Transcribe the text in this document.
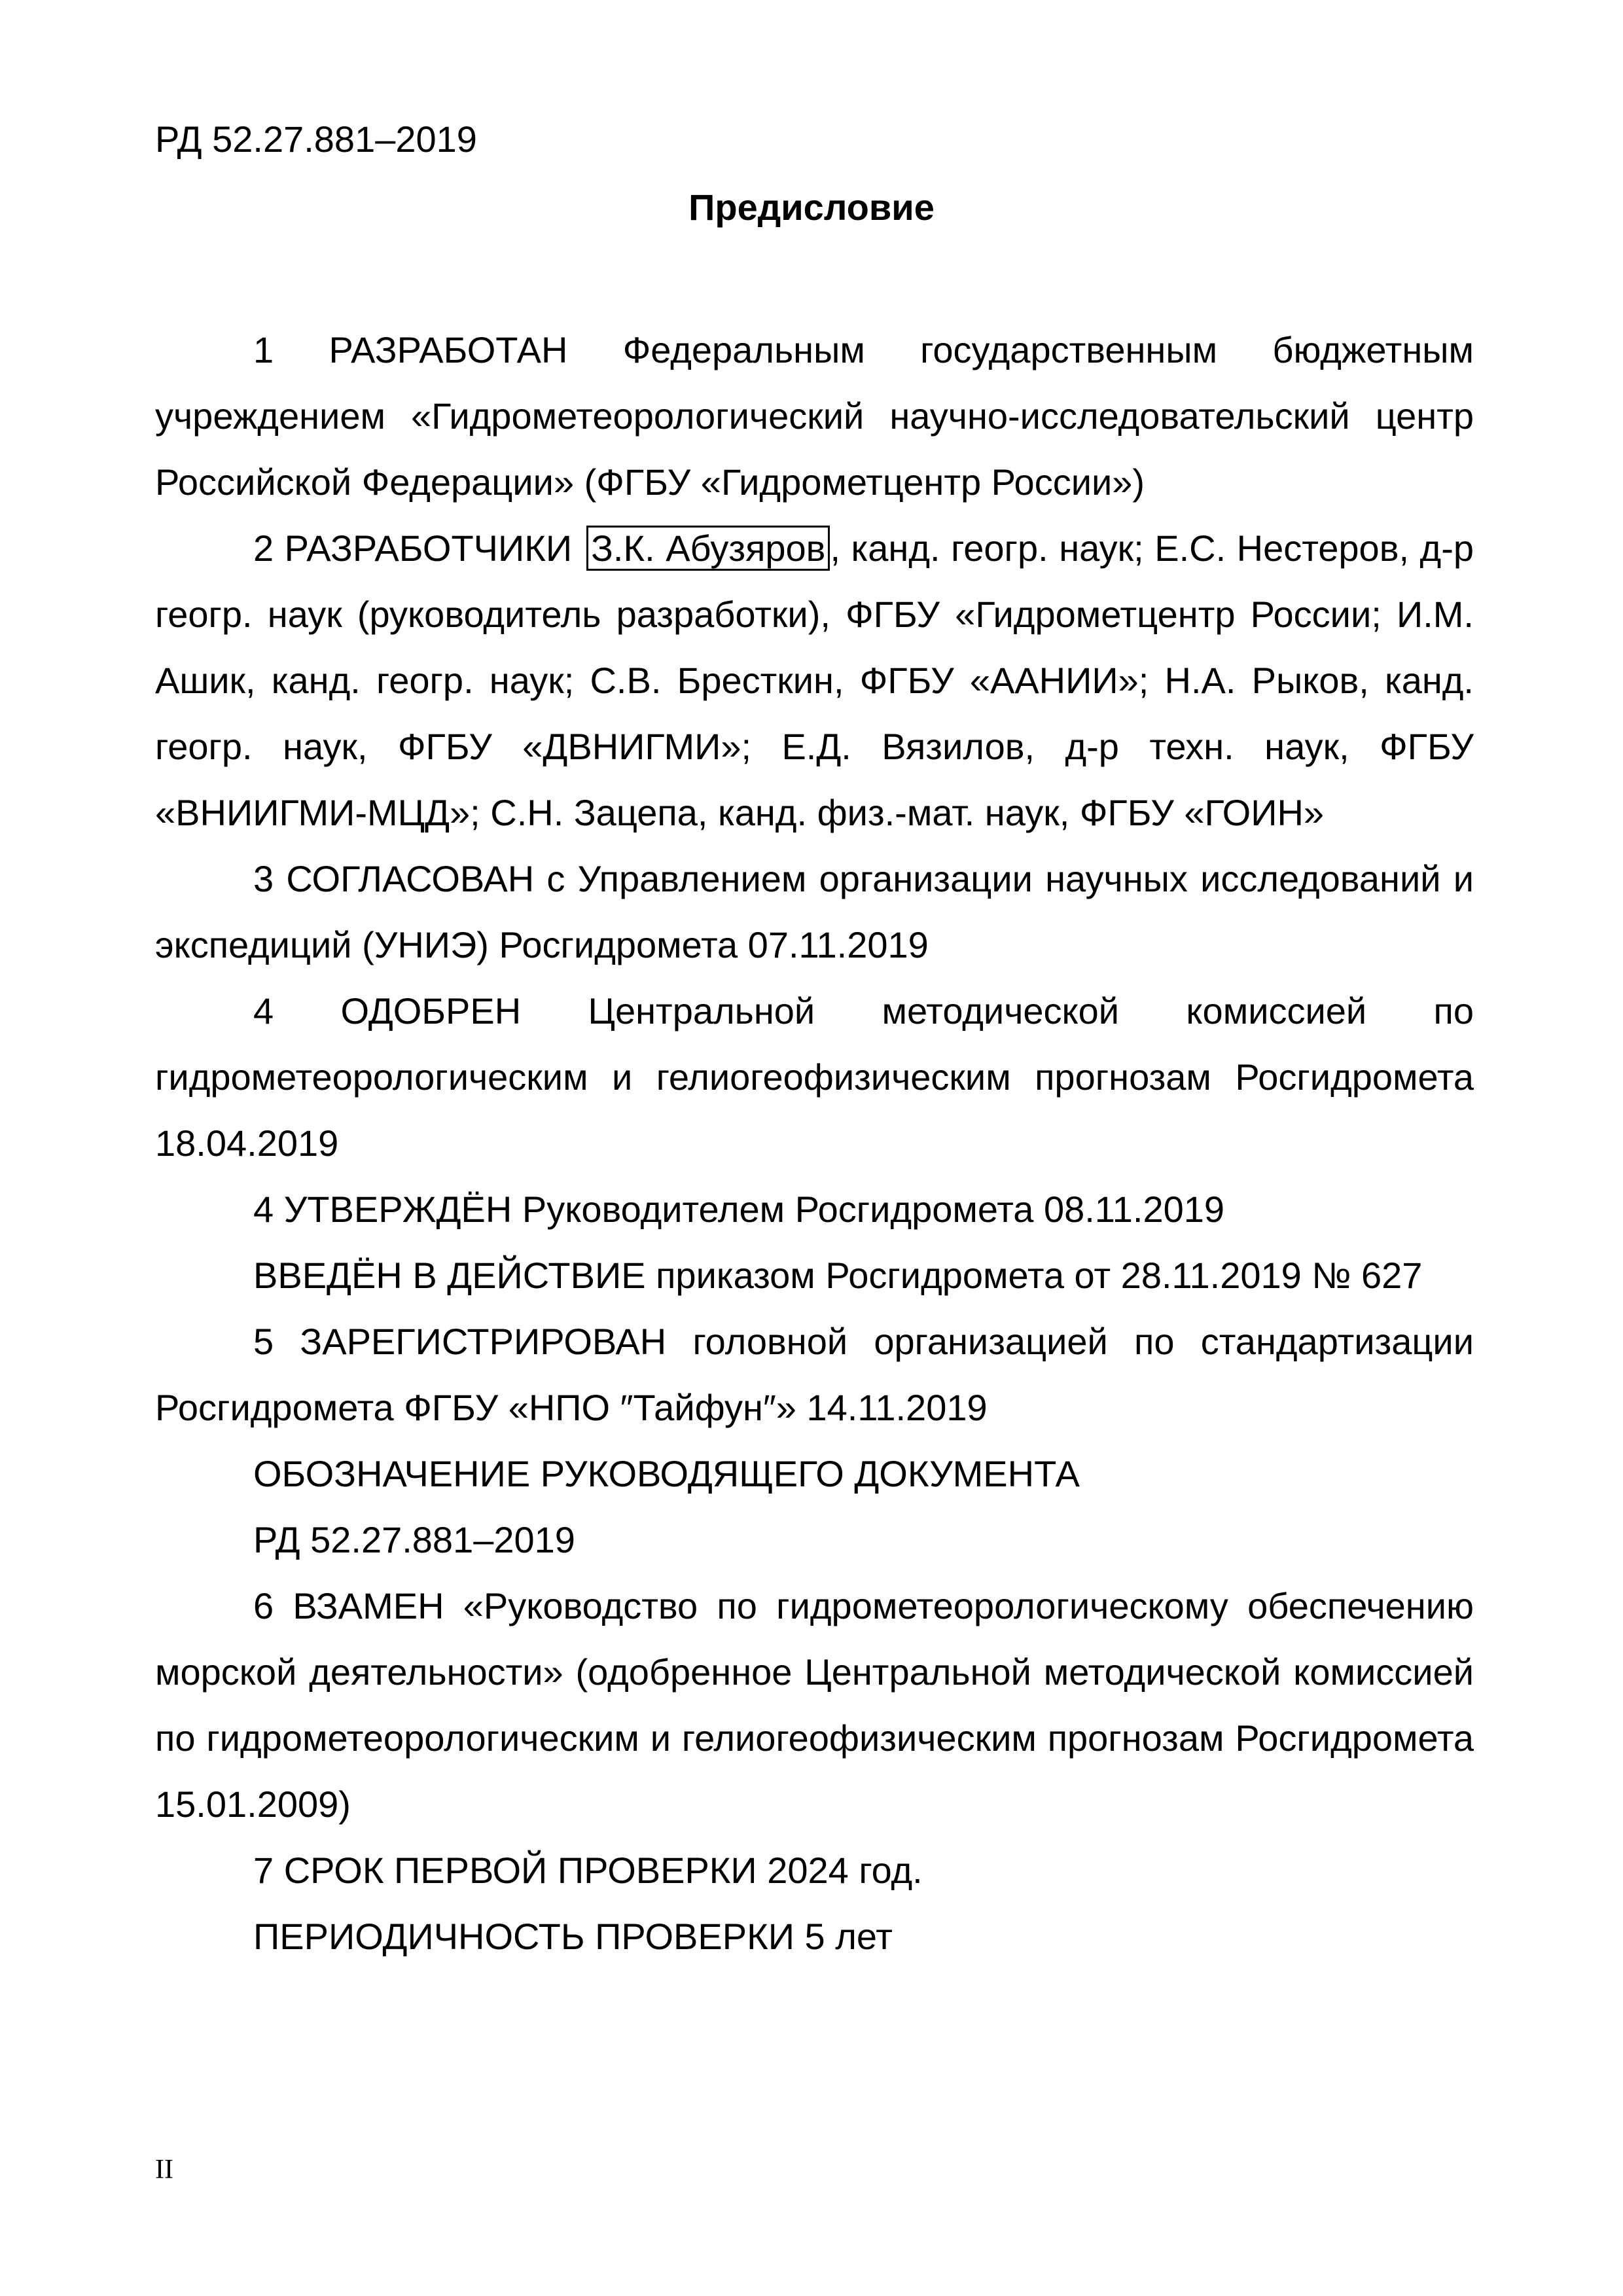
РД 52.27.881–2019
Предисловие

1 РАЗРАБОТАН Федеральным государственным бюджетным учреждением «Гидрометеорологический научно-исследовательский центр Российской Федерации» (ФГБУ «Гидрометцентр России»)

2 РАЗРАБОТЧИКИ З.К. Абузяров , канд. геогр. наук; Е.С. Нестеров, д-р геогр. наук (руководитель разработки), ФГБУ «Гидрометцентр России; И.М. Ашик, канд. геогр. наук; С.В. Бресткин, ФГБУ «ААНИИ»; Н.А. Рыков, канд. геогр. наук, ФГБУ «ДВНИГМИ»; Е.Д. Вязилов, д-р техн. наук, ФГБУ «ВНИИГМИ-МЦД»; С.Н. Зацепа, канд. физ.-мат. наук, ФГБУ «ГОИН»

3 СОГЛАСОВАН с Управлением организации научных исследований и экспедиций (УНИЭ) Росгидромета 07.11.2019

4 ОДОБРЕН Центральной методической комиссией по гидрометеорологическим и гелиогеофизическим прогнозам Росгидромета 18.04.2019

4 УТВЕРЖДЁН Руководителем Росгидромета 08.11.2019

ВВЕДЁН В ДЕЙСТВИЕ приказом Росгидромета от 28.11.2019 № 627

5 ЗАРЕГИСТРИРОВАН головной организацией по стандартизации Росгидромета ФГБУ «НПО ″Тайфун″» 14.11.2019

ОБОЗНАЧЕНИЕ РУКОВОДЯЩЕГО ДОКУМЕНТА

РД 52.27.881–2019

6 ВЗАМЕН «Руководство по гидрометеорологическому обеспечению морской деятельности» (одобренное Центральной методической комиссией по гидрометеорологическим и гелиогеофизическим прогнозам Росгидромета 15.01.2009)

7 СРОК ПЕРВОЙ ПРОВЕРКИ 2024 год.

ПЕРИОДИЧНОСТЬ ПРОВЕРКИ 5 лет

II
